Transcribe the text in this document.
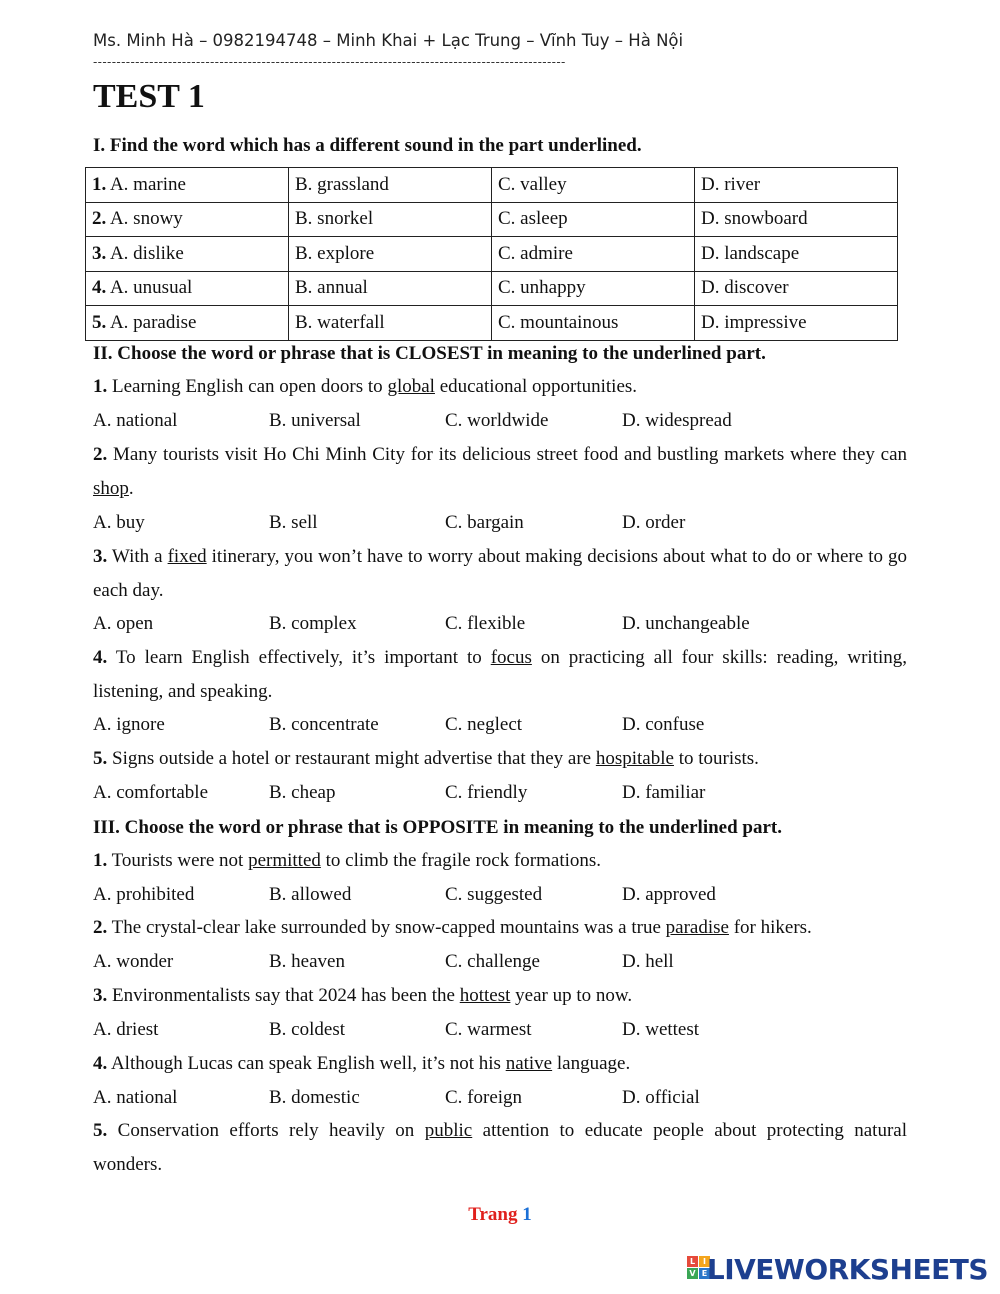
Ms. Minh Hà – 0982194748 – Minh Khai + Lạc Trung – Vĩnh Tuy – Hà Nội
-----------------------------------------------------------------------------------------------------
TEST 1
I. Find the word which has a different sound in the part underlined.
1. A. marine	B. grassland	C. valley	D. river
2. A. snowy	B. snorkel	C. asleep	D. snowboard
3. A. dislike	B. explore	C. admire	D. landscape
4. A. unusual	B. annual	C. unhappy	D. discover
5. A. paradise	B. waterfall	C. mountainous	D. impressive
II. Choose the word or phrase that is CLOSEST in meaning to the underlined part.
1. Learning English can open doors to global educational opportunities.
A. national	B. universal	C. worldwide	D. widespread
2. Many tourists visit Ho Chi Minh City for its delicious street food and bustling markets where they can shop.
A. buy	B. sell	C. bargain	D. order
3. With a fixed itinerary, you won’t have to worry about making decisions about what to do or where to go each day.
A. open	B. complex	C. flexible	D. unchangeable
4. To learn English effectively, it’s important to focus on practicing all four skills: reading, writing, listening, and speaking.
A. ignore	B. concentrate	C. neglect	D. confuse
5. Signs outside a hotel or restaurant might advertise that they are hospitable to tourists.
A. comfortable	B. cheap	C. friendly	D. familiar
III. Choose the word or phrase that is OPPOSITE in meaning to the underlined part.
1. Tourists were not permitted to climb the fragile rock formations.
A. prohibited	B. allowed	C. suggested	D. approved
2. The crystal-clear lake surrounded by snow-capped mountains was a true paradise for hikers.
A. wonder	B. heaven	C. challenge	D. hell
3. Environmentalists say that 2024 has been the hottest year up to now.
A. driest	B. coldest	C. warmest	D. wettest
4. Although Lucas can speak English well, it’s not his native language.
A. national	B. domestic	C. foreign	D. official
5. Conservation efforts rely heavily on public attention to educate people about protecting natural wonders.
Trang 1
L I
V E LIVEWORKSHEETS
